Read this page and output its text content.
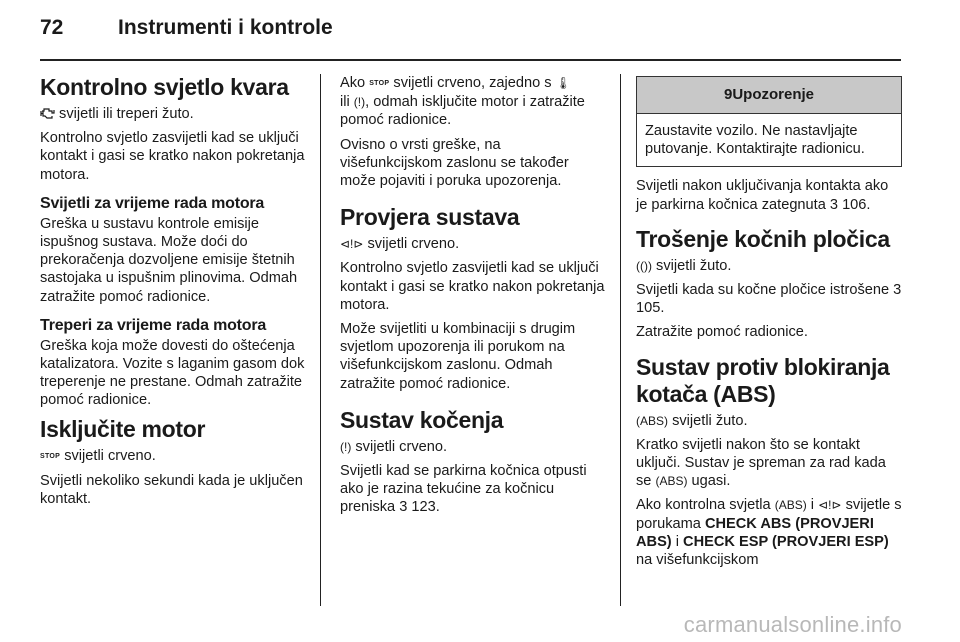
72	Instrumenti i kontrole
Kontrolno svjetlo kvara

svijetli ili treperi žuto.

Kontrolno svjetlo zasvijetli kad se uključi kontakt i gasi se kratko nakon pokretanja motora.

Svijetli za vrijeme rada motora

Greška u sustavu kontrole emisije ispušnog sustava. Može doći do prekoračenja dozvoljene emisije štetnih sastojaka u ispušnim plinovima. Odmah zatražite pomoć radionice.

Treperi za vrijeme rada motora

Greška koja može dovesti do oštećenja katalizatora. Vozite s laganim gasom dok treperenje ne prestane. Odmah zatražite pomoć radionice.

Isključite motor

STOP svijetli crveno.

Svijetli nekoliko sekundi kada je uključen kontakt.

Ako STOP svijetli crveno, zajedno s 🌡
ili (!), odmah isključite motor i zatražite pomoć radionice.

Ovisno o vrsti greške, na višefunkcijskom zaslonu se također može pojaviti i poruka upozorenja.

Provjera sustava

⊲!⊳ svijetli crveno.

Kontrolno svjetlo zasvijetli kad se uključi kontakt i gasi se kratko nakon pokretanja motora.

Može svijetliti u kombinaciji s drugim svjetlom upozorenja ili porukom na višefunkcijskom zaslonu. Odmah zatražite pomoć radionice.

Sustav kočenja

(!) svijetli crveno.

Svijetli kad se parkirna kočnica otpusti ako je razina tekućine za kočnicu preniska 3 123.

9Upozorenje
Zaustavite vozilo. Ne nastavljajte putovanje. Kontaktirajte radionicu.

Svijetli nakon uključivanja kontakta ako je parkirna kočnica zategnuta 3 106.

Trošenje kočnih pločica

(()) svijetli žuto.

Svijetli kada su kočne pločice istrošene 3 105.

Zatražite pomoć radionice.

Sustav protiv blokiranja kotača (ABS)

(ABS) svijetli žuto.

Kratko svijetli nakon što se kontakt uključi. Sustav je spreman za rad kada se (ABS) ugasi.

Ako kontrolna svjetla (ABS) i ⊲!⊳ svijetle s porukama CHECK ABS (PROVJERI ABS) i CHECK ESP (PROVJERI ESP) na višefunkcijskom

carmanualsonline.info
